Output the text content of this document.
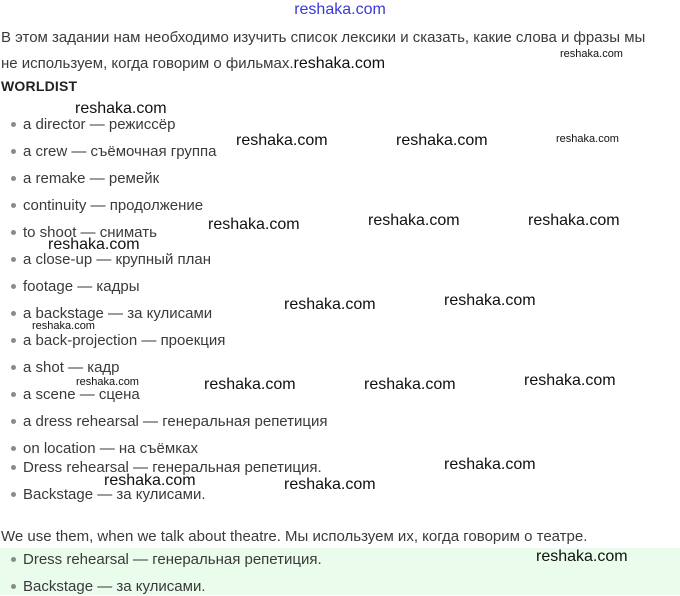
reshaka.com
В этом задании нам необходимо изучить список лексики и сказать, какие слова и фразы мы не используем, когда говорим о фильмах.reshaka.com
WORLDIST
a director — режиссёр
a crew — съёмочная группа
a remake — ремейк
continuity — продолжение
to shoot — снимать
a close-up — крупный план
footage — кадры
a backstage — за кулисами
a back-projection — проекция
a shot — кадр
a scene — сцена
a dress rehearsal — генеральная репетиция
on location — на съёмках
Dress rehearsal — генеральная репетиция.
Backstage — за кулисами.
We use them, when we talk about theatre. Мы используем их, когда говорим о театре.
Dress rehearsal — генеральная репетиция.
Backstage — за кулисами.
reshaka.com
reshaka.com
reshaka.com	reshaka.com	reshaka.com
reshaka.com	reshaka.com	reshaka.com
reshaka.com
reshaka.com	reshaka.com
reshaka.com
reshaka.com	reshaka.com	reshaka.com	reshaka.com
reshaka.com
reshaka.com	reshaka.com
reshaka.com
